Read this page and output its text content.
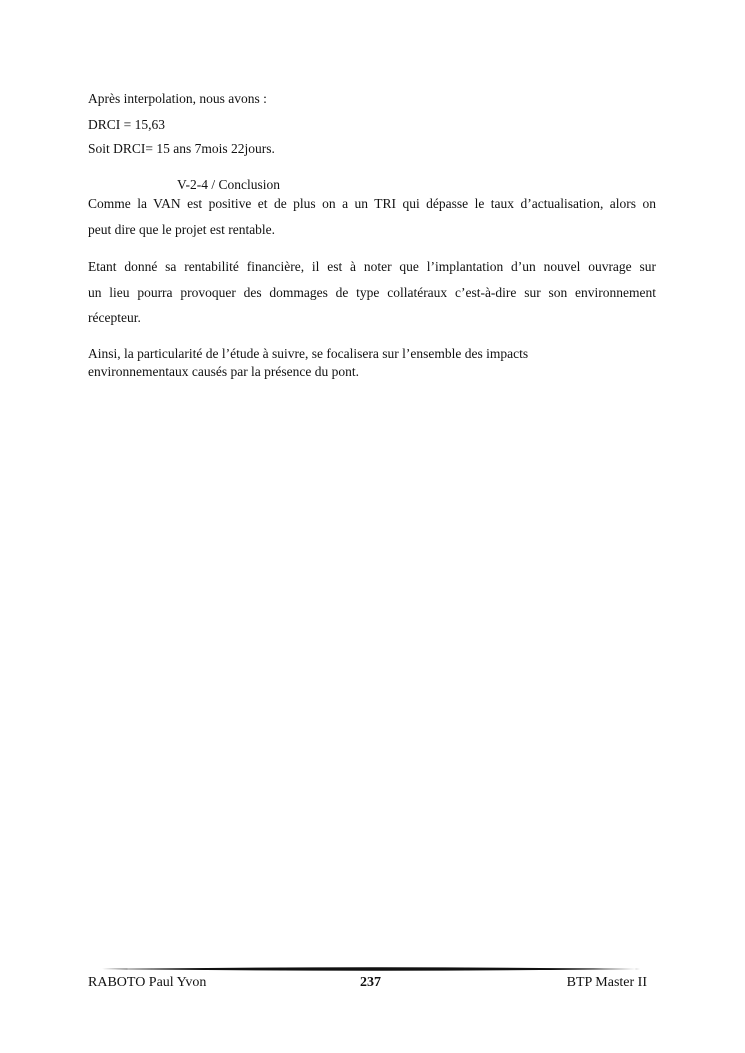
Après interpolation, nous avons :
DRCI = 15,63
Soit DRCI= 15 ans 7mois 22jours.
V-2-4 / Conclusion
Comme la VAN est positive et de plus on a un TRI qui dépasse le taux d’actualisation, alors on
peut dire que le projet est rentable.
Etant donné sa rentabilité financière, il est à noter que l’implantation d’un nouvel ouvrage sur
un lieu pourra provoquer des dommages de type collatéraux c’est-à-dire sur son environnement
récepteur.
Ainsi, la particularité de l’étude à suivre, se focalisera sur l’ensemble des impacts
environnementaux causés par la présence du pont.
RABOTO Paul Yvon	237	BTP Master II
